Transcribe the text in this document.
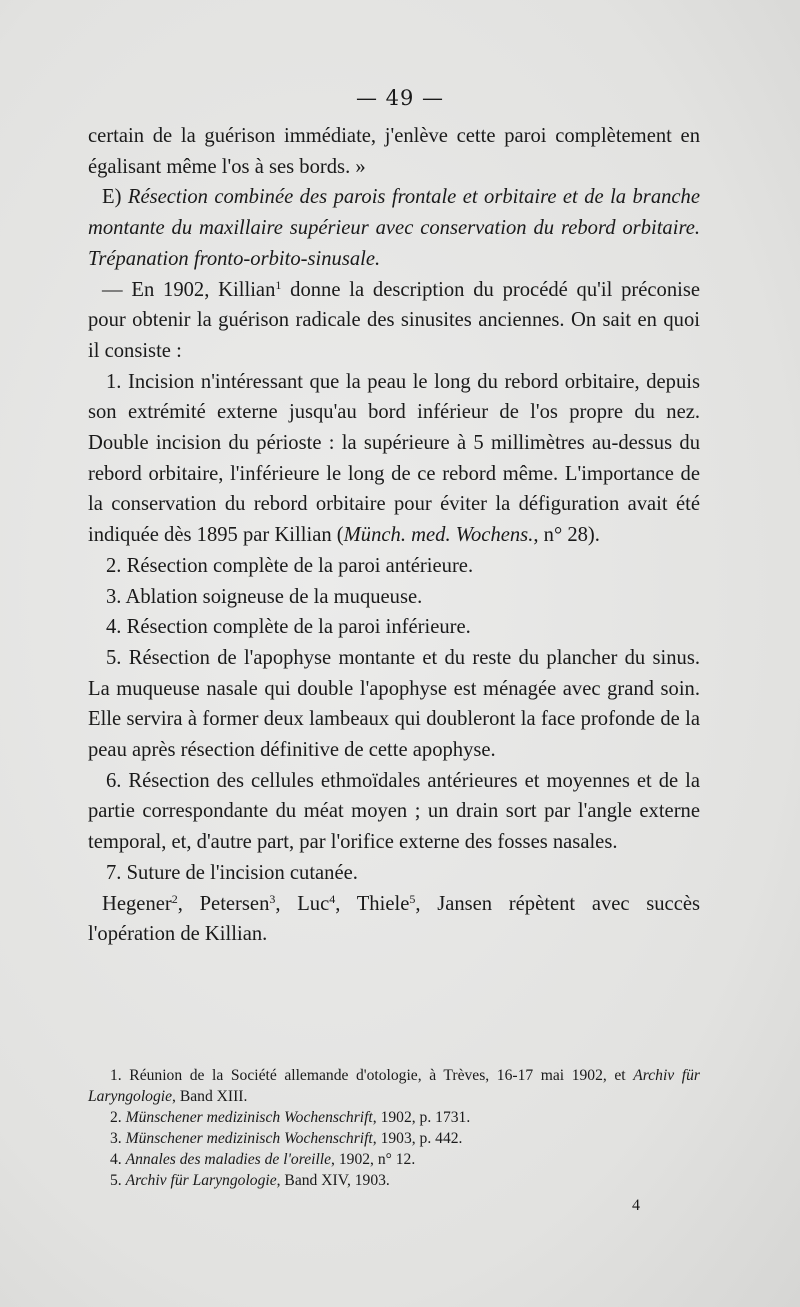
— 49 —

certain de la guérison immédiate, j'enlève cette paroi complètement en égalisant même l'os à ses bords. »

E) Résection combinée des parois frontale et orbitaire et de la branche montante du maxillaire supérieur avec conservation du rebord orbitaire. Trépanation fronto-orbito-sinusale.

— En 1902, Killian$^1$ donne la description du procédé qu'il préconise pour obtenir la guérison radicale des sinusites anciennes. On sait en quoi il consiste :

1. Incision n'intéressant que la peau le long du rebord orbitaire, depuis son extrémité externe jusqu'au bord inférieur de l'os propre du nez. Double incision du périoste : la supérieure à 5 millimètres au-dessus du rebord orbitaire, l'inférieure le long de ce rebord même. L'importance de la conservation du rebord orbitaire pour éviter la défiguration avait été indiquée dès 1895 par Killian (Münch. med. Wochens., n° 28).

2. Résection complète de la paroi antérieure.

3. Ablation soigneuse de la muqueuse.

4. Résection complète de la paroi inférieure.

5. Résection de l'apophyse montante et du reste du plancher du sinus. La muqueuse nasale qui double l'apophyse est ménagée avec grand soin. Elle servira à former deux lambeaux qui doubleront la face profonde de la peau après résection définitive de cette apophyse.

6. Résection des cellules ethmoïdales antérieures et moyennes et de la partie correspondante du méat moyen ; un drain sort par l'angle externe temporal, et, d'autre part, par l'orifice externe des fosses nasales.

7. Suture de l'incision cutanée.

Hegener$^2$, Petersen$^3$, Luc$^4$, Thiele$^5$, Jansen répètent avec succès l'opération de Killian.

1. Réunion de la Société allemande d'otologie, à Trèves, 16-17 mai 1902, et Archiv für Laryngologie, Band XIII.

2. Münschener medizinisch Wochenschrift, 1902, p. 1731.

3. Münschener medizinisch Wochenschrift, 1903, p. 442.

4. Annales des maladies de l'oreille, 1902, n° 12.

5. Archiv für Laryngologie, Band XIV, 1903.

4
